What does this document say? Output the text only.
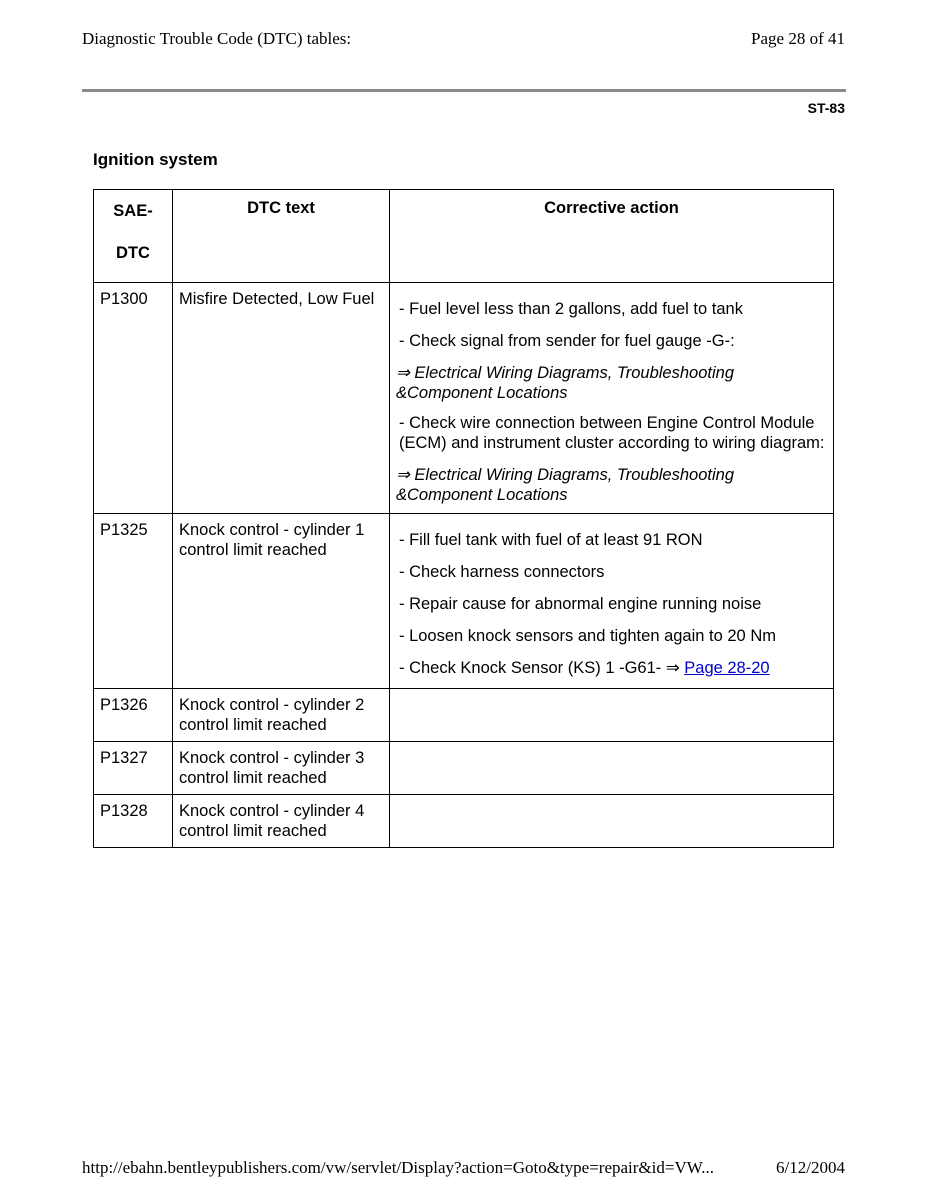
Diagnostic Trouble Code (DTC) tables:	Page 28 of 41
ST-83
Ignition system
SAE-
DTC	DTC text	Corrective action
P1300	Misfire Detected, Low Fuel	- Fuel level less than 2 gallons, add fuel to tank
- Check signal from sender for fuel gauge -G-:
⇒ Electrical Wiring Diagrams, Troubleshooting &Component Locations
- Check wire connection between Engine Control Module (ECM) and instrument cluster according to wiring diagram:
⇒ Electrical Wiring Diagrams, Troubleshooting &Component Locations

P1325	Knock control - cylinder 1 control limit reached	- Fill fuel tank with fuel of at least 91 RON
- Check harness connectors
- Repair cause for abnormal engine running noise
- Loosen knock sensors and tighten again to 20 Nm
- Check Knock Sensor (KS) 1 -G61- ⇒ Page 28-20

P1326	Knock control - cylinder 2 control limit reached	
P1327	Knock control - cylinder 3 control limit reached	
P1328	Knock control - cylinder 4 control limit reached	
http://ebahn.bentleypublishers.com/vw/servlet/Display?action=Goto&type=repair&id=VW...	6/12/2004
